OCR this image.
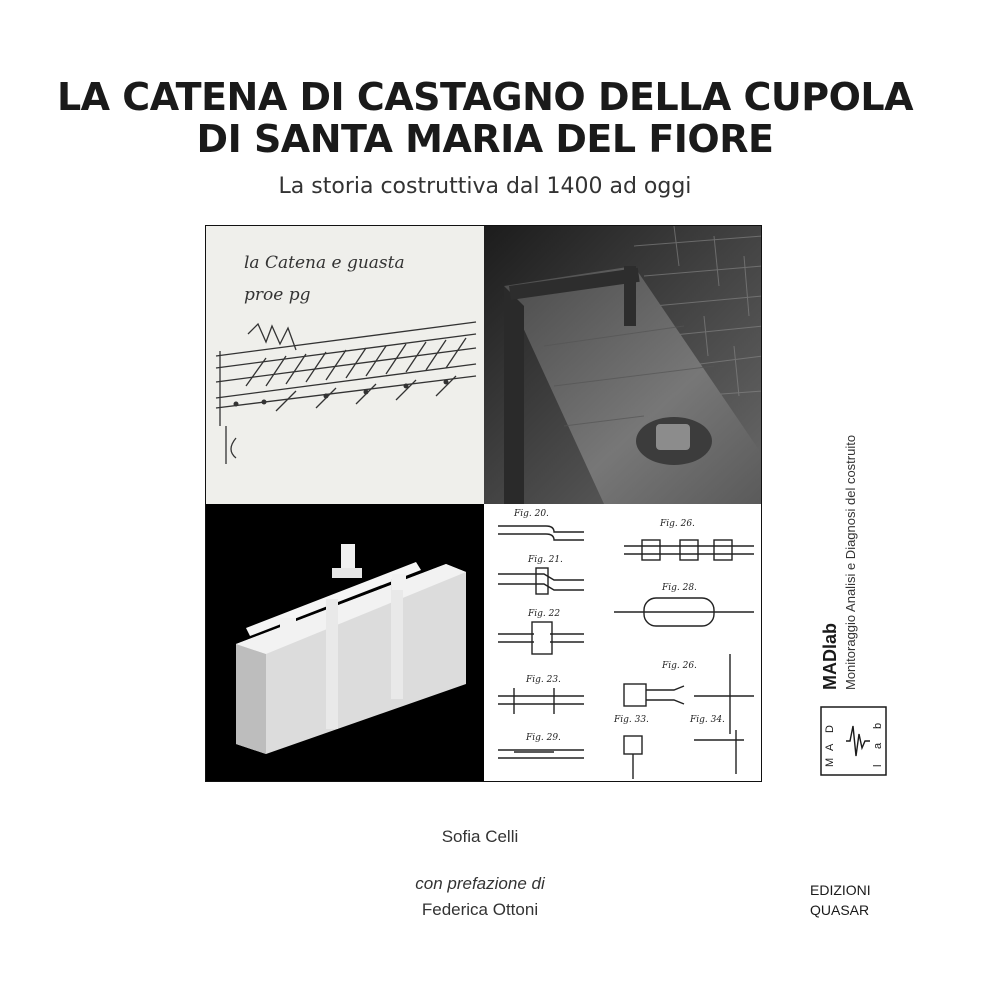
LA CATENA DI CASTAGNO DELLA CUPOLA
DI SANTA MARIA DEL FIORE
La storia costruttiva dal 1400 ad oggi
la Catena e guasta
proe pg
Fig. 20.
Fig. 21.
Fig. 22
Fig. 23.
Fig. 29.
Fig. 26.
Fig. 28.
Fig. 26.
Fig. 33.	Fig. 34.
MADlab Monitoraggio Analisi e Diagnosi del costruito
M
A
D
l
a
b
Sofia Celli
con prefazione di
Federica Ottoni
EDIZIONI
QUASAR
